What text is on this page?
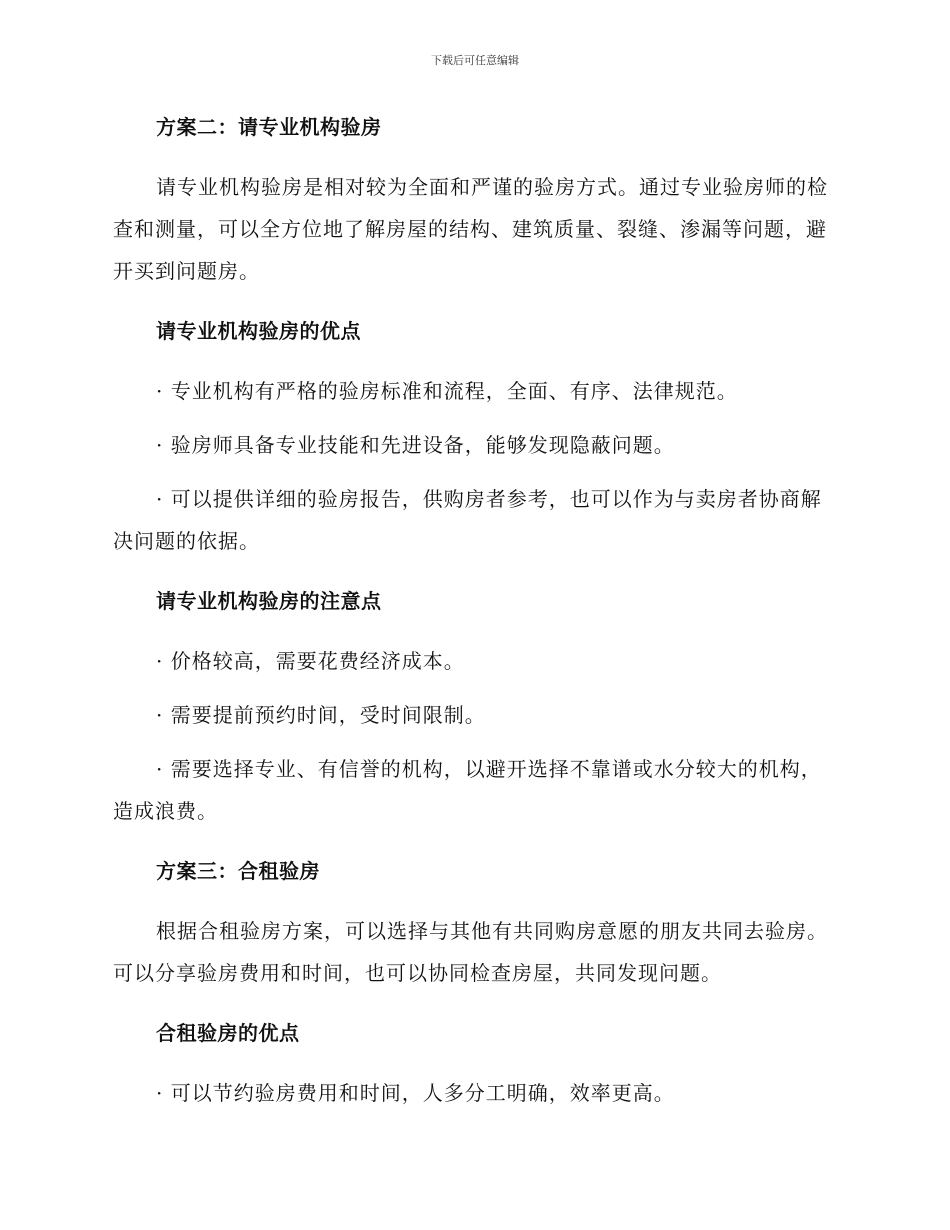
下载后可任意编辑
方案二：请专业机构验房

请专业机构验房是相对较为全面和严谨的验房方式。通过专业验房师的检查和测量，可以全方位地了解房屋的结构、建筑质量、裂缝、渗漏等问题，避开买到问题房。

请专业机构验房的优点

· 专业机构有严格的验房标准和流程，全面、有序、法律规范。

· 验房师具备专业技能和先进设备，能够发现隐蔽问题。

· 可以提供详细的验房报告，供购房者参考，也可以作为与卖房者协商解决问题的依据。

请专业机构验房的注意点

· 价格较高，需要花费经济成本。

· 需要提前预约时间，受时间限制。

· 需要选择专业、有信誉的机构，以避开选择不靠谱或水分较大的机构，造成浪费。

方案三：合租验房

根据合租验房方案，可以选择与其他有共同购房意愿的朋友共同去验房。可以分享验房费用和时间，也可以协同检查房屋，共同发现问题。

合租验房的优点

· 可以节约验房费用和时间，人多分工明确，效率更高。
